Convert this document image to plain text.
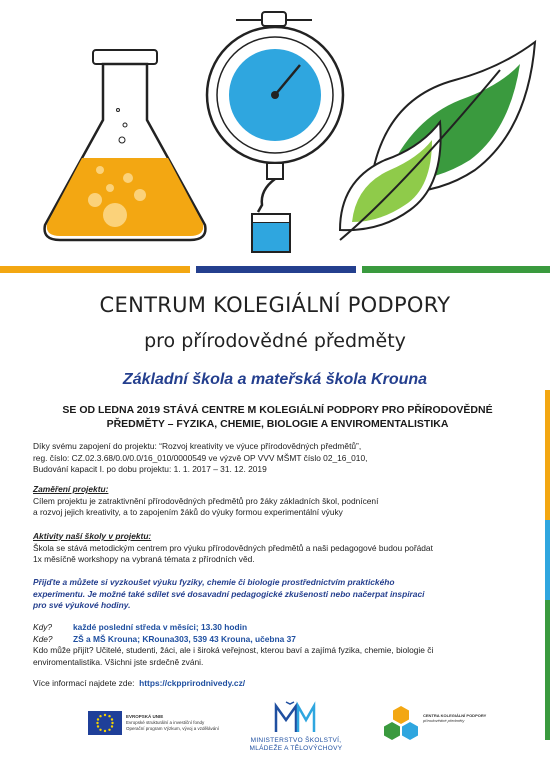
CENTRUM KOLEGIÁLNÍ PODPORY
pro přírodovědné předměty
Základní škola a mateřská škola Krouna
SE OD LEDNA 2019 STÁVÁ CENTRE M KOLEGIÁLNÍ PODPORY PRO PŘÍRODOVĚDNÉ
PŘEDMĚTY – FYZIKA, CHEMIE, BIOLOGIE A ENVIROMENTALISTIKA
Díky svému zapojení do projektu: “Rozvoj kreativity ve výuce přírodovědných předmětů”,
reg. číslo: CZ.02.3.68/0.0/0.0/16_010/0000549 ve výzvě OP VVV MŠMT číslo 02_16_010,
Budování kapacit I. po dobu projektu: 1. 1. 2017 – 31. 12. 2019
Zaměření projektu:
Cílem projektu je zatraktivnění přírodovědných předmětů pro žáky základních škol, podnícení
a rozvoj jejich kreativity, a to zapojením žáků do výuky formou experimentální výuky
Aktivity naší školy v projektu:
Škola se stává metodickým centrem pro výuku přírodovědných předmětů a naši pedagogové budou pořádat
1x měsíčně workshopy na vybraná témata z přírodních věd.
Přijďte a můžete si vyzkoušet výuku fyziky, chemie či biologie prostřednictvím praktického
experimentu. Je možné také sdílet své dosavadní pedagogické zkušenosti nebo načerpat inspiraci
pro své výukové hodiny.
Kdy? každé poslední středa v měsíci; 13.30 hodin
Kde? ZŠ a MŠ Krouna; KRouna303, 539 43 Krouna, učebna 37
Kdo může přijít? Učitelé, studenti, žáci, ale i široká veřejnost, kterou baví a zajímá fyzika, chemie, biologie či
enviromentalistika. Všichni jste srdečně zváni.
Více informací najdete zde: https://ckpprirodnivedy.cz/
EVROPSKÁ UNIE
Evropské strukturální a investiční fondy
Operační program Výzkum, vývoj a vzdělávání
MINISTERSTVO ŠKOLSTVÍ,
MLÁDEŽE A TĚLOVÝCHOVY
CENTRA KOLEGIÁLNÍ PODPORY
přírodovědné předměty
